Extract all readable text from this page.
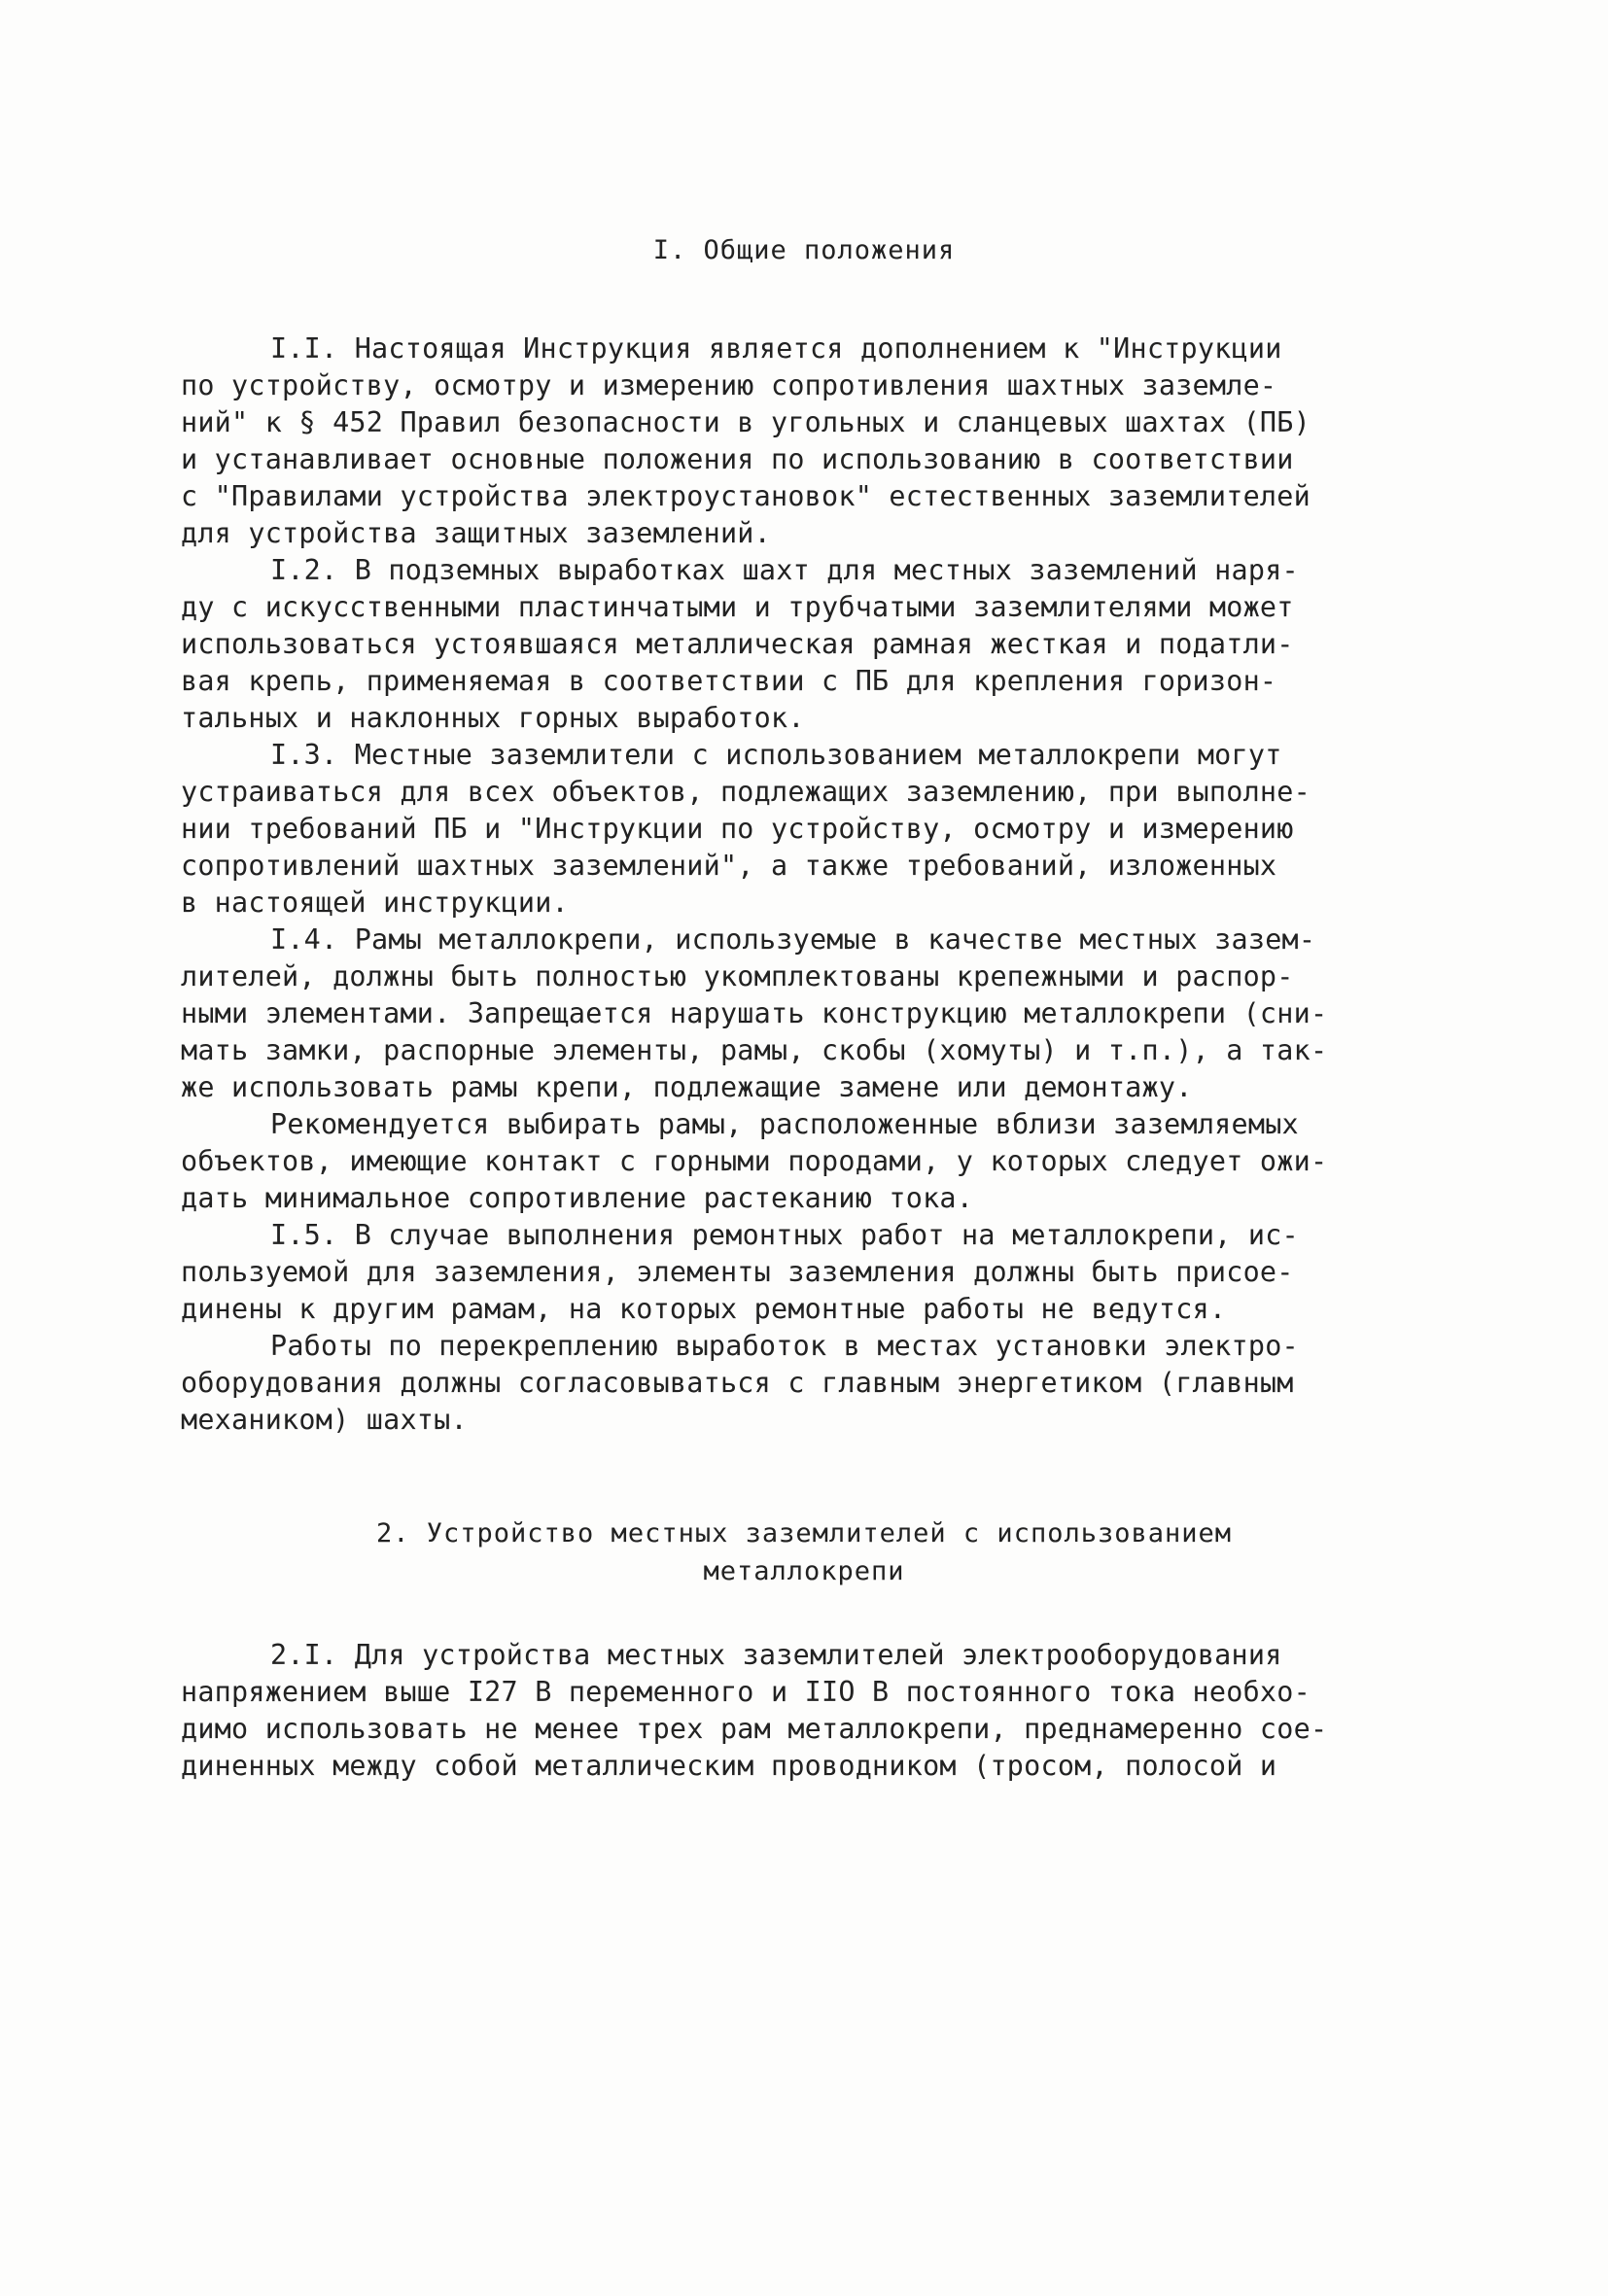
I. Общие положения
I.I. Настоящая Инструкция является дополнением к "Инструкции
по устройству, осмотру и измерению сопротивления шахтных заземле-
ний" к § 452 Правил безопасности в угольных и сланцевых шахтах (ПБ)
и устанавливает основные положения по использованию в соответствии
с "Правилами устройства электроустановок" естественных заземлителей
для устройства защитных заземлений.
I.2. В подземных выработках шахт для местных заземлений наря-
ду с искусственными пластинчатыми и трубчатыми заземлителями может
использоваться устоявшаяся металлическая рамная жесткая и податли-
вая крепь, применяемая в соответствии с ПБ для крепления горизон-
тальных и наклонных горных выработок.
I.3. Местные заземлители с использованием металлокрепи могут
устраиваться для всех объектов, подлежащих заземлению, при выполне-
нии требований ПБ и "Инструкции по устройству, осмотру и измерению
сопротивлений шахтных заземлений", а также требований, изложенных
в настоящей инструкции.
I.4. Рамы металлокрепи, используемые в качестве местных зазем-
лителей, должны быть полностью укомплектованы крепежными и распор-
ными элементами. Запрещается нарушать конструкцию металлокрепи (сни-
мать замки, распорные элементы, рамы, скобы (хомуты) и т.п.), а так-
же использовать рамы крепи, подлежащие замене или демонтажу.
Рекомендуется выбирать рамы, расположенные вблизи заземляемых
объектов, имеющие контакт с горными породами, у которых следует ожи-
дать минимальное сопротивление растеканию тока.
I.5. В случае выполнения ремонтных работ на металлокрепи, ис-
пользуемой для заземления, элементы заземления должны быть присое-
динены к другим рамам, на которых ремонтные работы не ведутся.
Работы по перекреплению выработок в местах установки электро-
оборудования должны согласовываться с главным энергетиком (главным
механиком) шахты.
2. Устройство местных заземлителей с использованием
металлокрепи
2.I. Для устройства местных заземлителей электрооборудования
напряжением выше I27 В переменного и IIО В постоянного тока необхо-
димо использовать не менее трех рам металлокрепи, преднамеренно сое-
диненных между собой металлическим проводником (тросом, полосой и
